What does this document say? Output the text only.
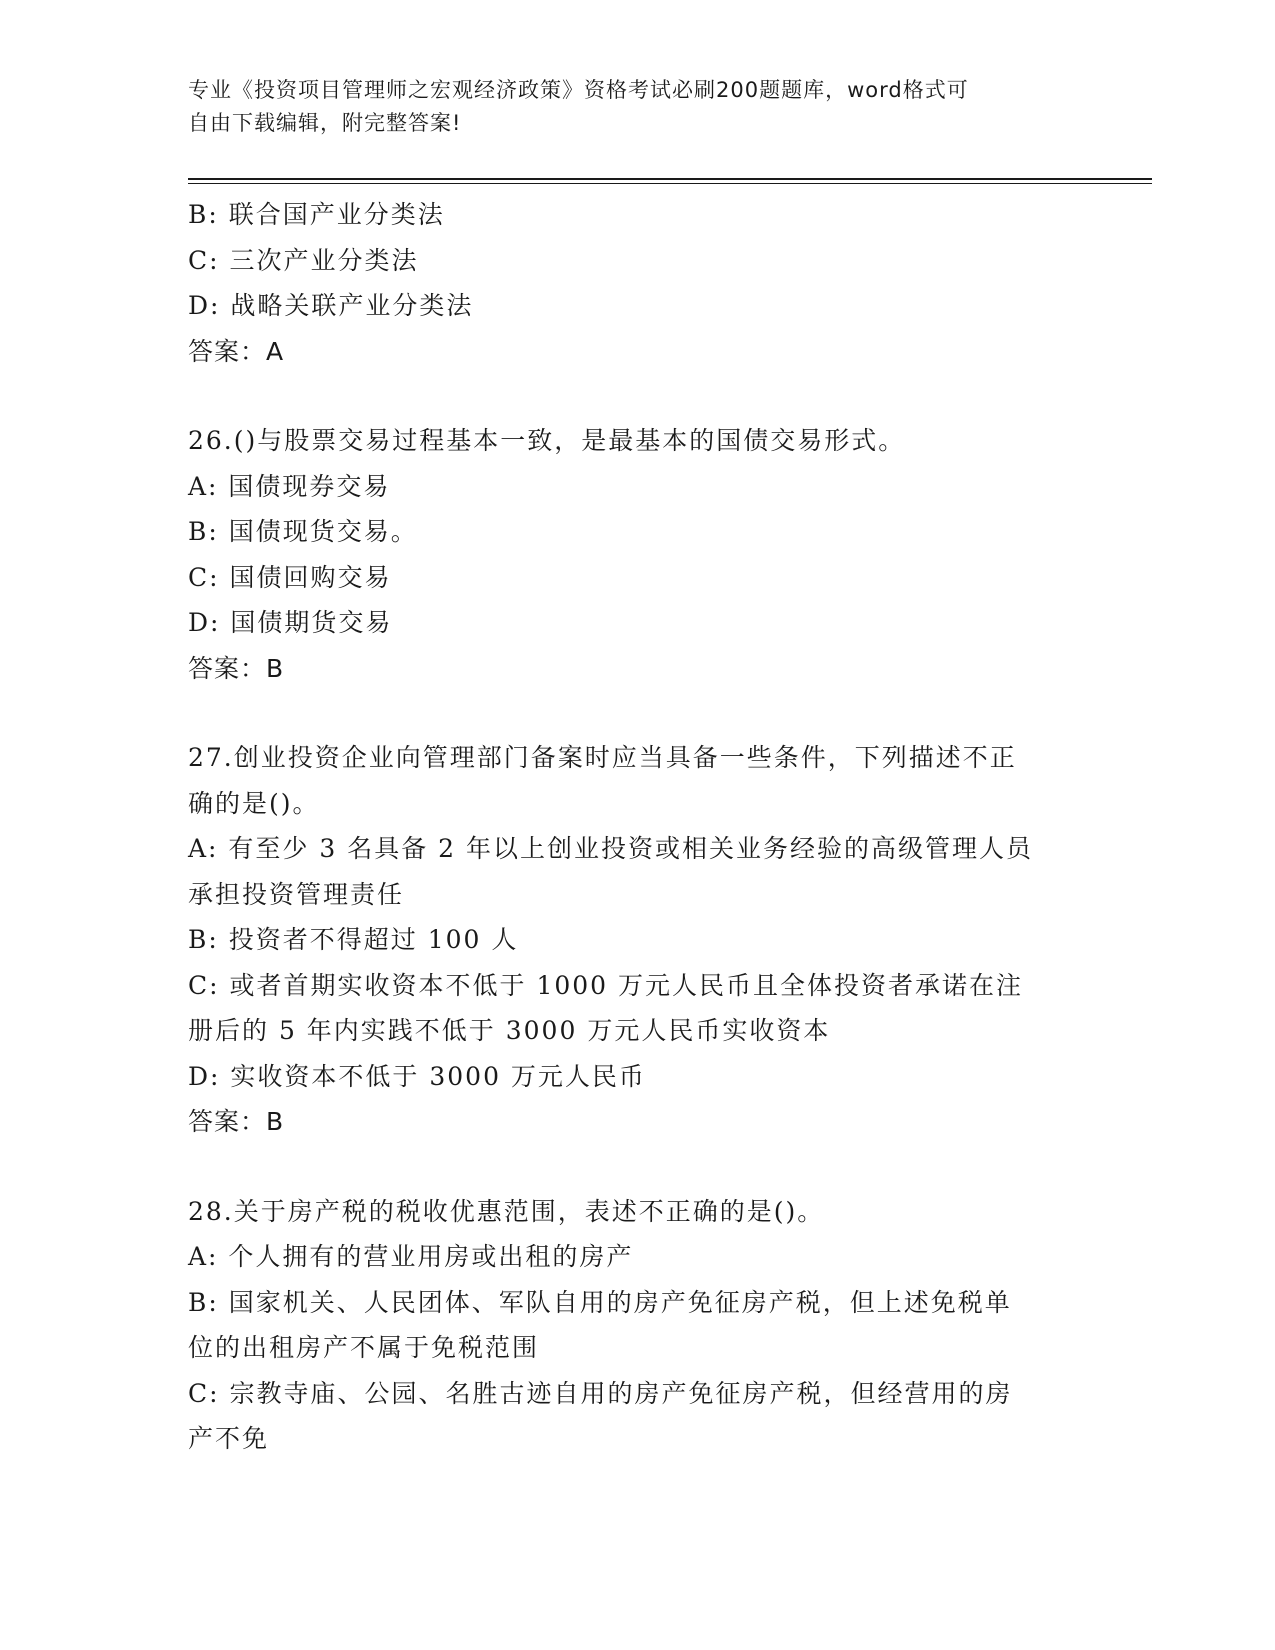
专业《投资项目管理师之宏观经济政策》资格考试必刷200题题库，word格式可
自由下载编辑，附完整答案!
B: 联合国产业分类法
C: 三次产业分类法
D: 战略关联产业分类法
答案：A
26.()与股票交易过程基本一致，是最基本的国债交易形式。
A: 国债现券交易
B: 国债现货交易。
C: 国债回购交易
D: 国债期货交易
答案：B
27.创业投资企业向管理部门备案时应当具备一些条件，下列描述不正
确的是()。
A: 有至少 3 名具备 2 年以上创业投资或相关业务经验的高级管理人员
承担投资管理责任
B: 投资者不得超过 100 人
C: 或者首期实收资本不低于 1000 万元人民币且全体投资者承诺在注
册后的 5 年内实践不低于 3000 万元人民币实收资本
D: 实收资本不低于 3000 万元人民币
答案：B
28.关于房产税的税收优惠范围，表述不正确的是()。
A: 个人拥有的营业用房或出租的房产
B: 国家机关、人民团体、军队自用的房产免征房产税，但上述免税单
位的出租房产不属于免税范围
C: 宗教寺庙、公园、名胜古迹自用的房产免征房产税，但经营用的房
产不免
